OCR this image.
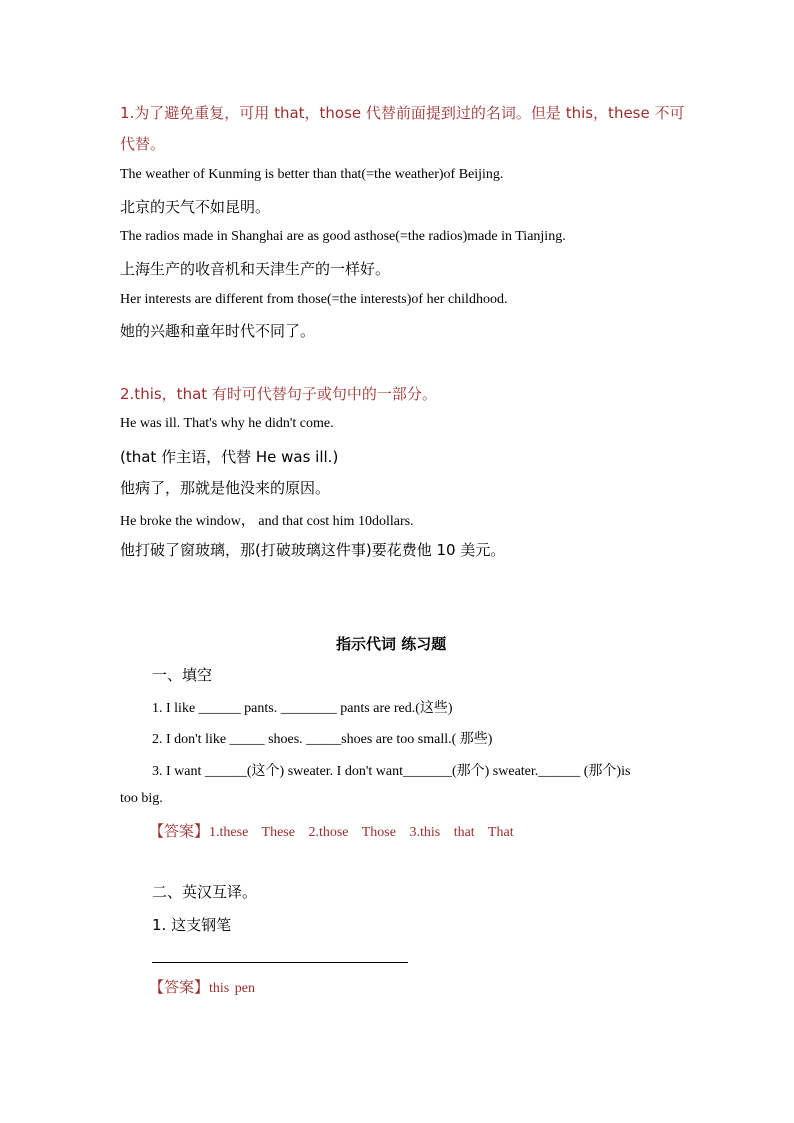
1.为了避免重复，可用 that，those 代替前面提到过的名词。但是 this，these 不可
代替。
The weather of Kunming is better than that(=the weather)of Beijing.
北京的天气不如昆明。
The radios made in Shanghai are as good asthose(=the radios)made in Tianjing.
上海生产的收音机和天津生产的一样好。
Her interests are different from those(=the interests)of her childhood.
她的兴趣和童年时代不同了。
2.this，that 有时可代替句子或句中的一部分。
He was ill. That's why he didn't come.
(that 作主语，代替 He was ill.)
他病了，那就是他没来的原因。
He broke the window， and that cost him 10dollars.
他打破了窗玻璃，那(打破玻璃这件事)要花费他 10 美元。
指示代词 练习题
一、填空
1. I like ______ pants. ________ pants are red.(这些)
2. I don't like _____ shoes. _____shoes are too small.( 那些)
3. I want ______(这个) sweater. I don't want_______(那个) sweater.______ (那个)is
too big.
【答案】1.these These 2.those Those 3.this that That
二、英汉互译。
1. 这支钢笔
【答案】this pen
